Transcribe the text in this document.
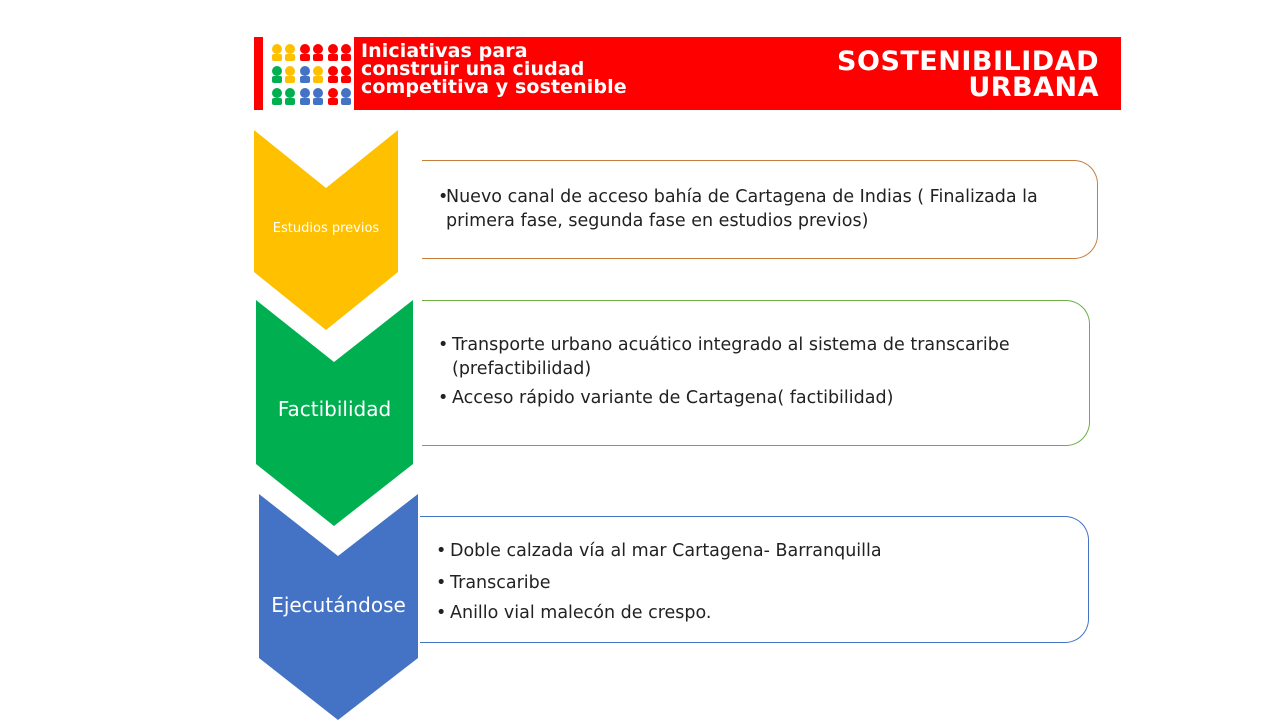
Iniciativas para
construir una ciudad
competitiva y sostenible
SOSTENIBILIDAD
URBANA
Estudios previos
Factibilidad
Ejecutándose
•
Nuevo canal de acceso bahía de Cartagena de Indias ( Finalizada la primera fase, segunda fase en estudios previos)
• Transporte urbano acuático integrado al sistema de transcaribe (prefactibilidad)
• Acceso rápido variante de Cartagena( factibilidad)
• Doble calzada vía al mar Cartagena- Barranquilla
• Transcaribe
• Anillo vial malecón de crespo.
